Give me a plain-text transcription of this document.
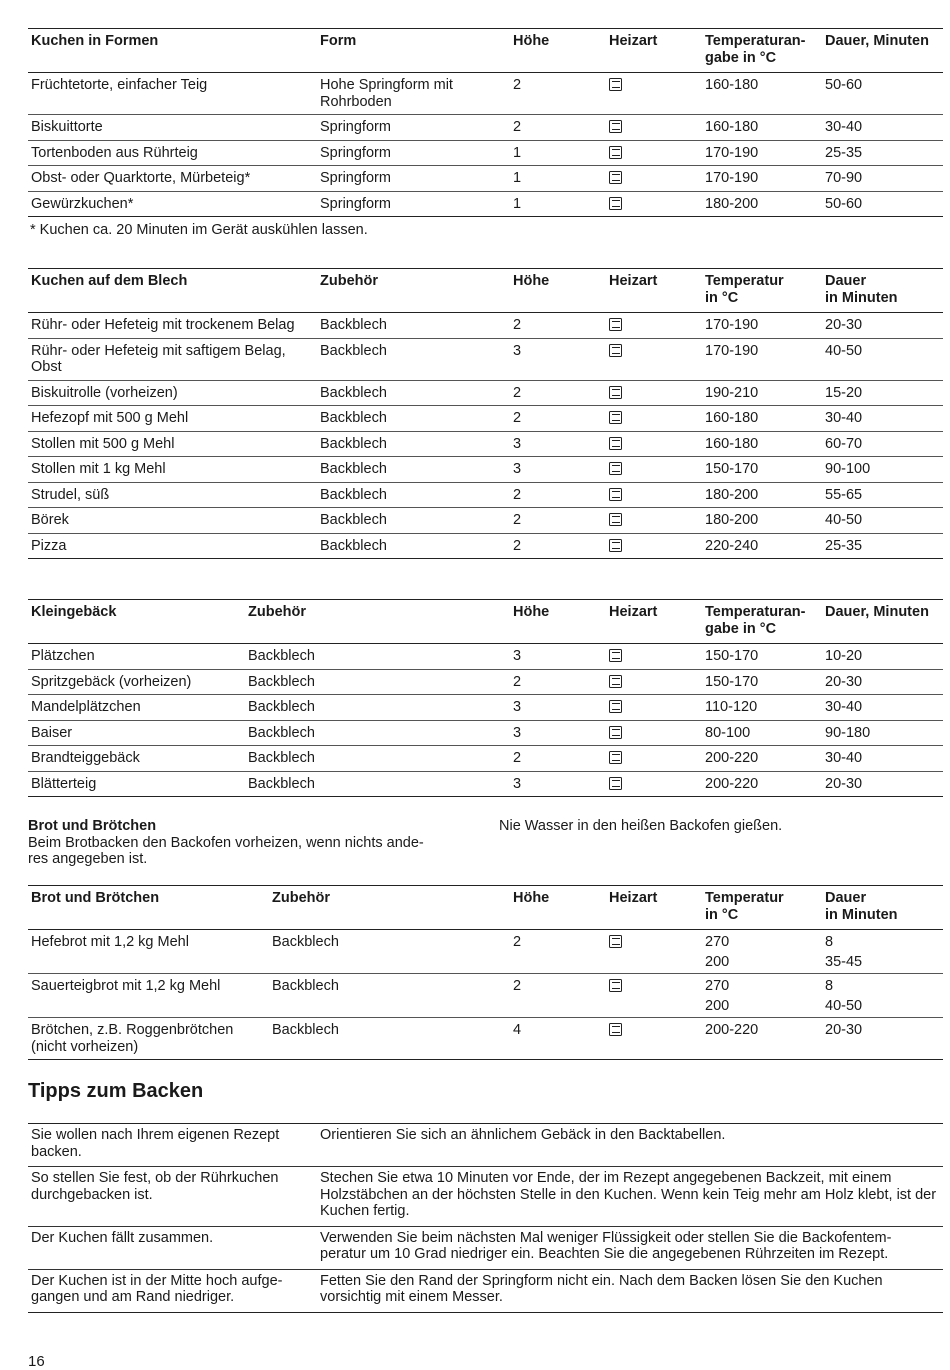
Kuchen in Formen	Form	Höhe	Heizart	Temperaturan-
gabe in °C	Dauer, Minuten
Früchtetorte, einfacher Teig	Hohe Springform mit Rohrboden	2		160-180	50-60
Biskuittorte	Springform	2		160-180	30-40
Tortenboden aus Rührteig	Springform	1		170-190	25-35
Obst- oder Quarktorte, Mürbeteig*	Springform	1		170-190	70-90
Gewürzkuchen*	Springform	1		180-200	50-60
* Kuchen ca. 20 Minuten im Gerät auskühlen lassen.
Kuchen auf dem Blech	Zubehör	Höhe	Heizart	Temperatur
in °C	Dauer
in Minuten
Rühr- oder Hefeteig mit trockenem Belag	Backblech	2		170-190	20-30
Rühr- oder Hefeteig mit saftigem Belag, Obst	Backblech	3		170-190	40-50
Biskuitrolle (vorheizen)	Backblech	2		190-210	15-20
Hefezopf mit 500 g Mehl	Backblech	2		160-180	30-40
Stollen mit 500 g Mehl	Backblech	3		160-180	60-70
Stollen mit 1 kg Mehl	Backblech	3		150-170	90-100
Strudel, süß	Backblech	2		180-200	55-65
Börek	Backblech	2		180-200	40-50
Pizza	Backblech	2		220-240	25-35
Kleingebäck	Zubehör	Höhe	Heizart	Temperaturan-
gabe in °C	Dauer, Minuten
Plätzchen	Backblech	3		150-170	10-20
Spritzgebäck (vorheizen)	Backblech	2		150-170	20-30
Mandelplätzchen	Backblech	3		110-120	30-40
Baiser	Backblech	3		80-100	90-180
Brandteiggebäck	Backblech	2		200-220	30-40
Blätterteig	Backblech	3		200-220	20-30
Brot und Brötchen
Beim Brotbacken den Backofen vorheizen, wenn nichts ande-
res angegeben ist.
Nie Wasser in den heißen Backofen gießen.
Brot und Brötchen	Zubehör	Höhe	Heizart	Temperatur
in °C	Dauer
in Minuten
Hefebrot mit 1,2 kg Mehl	Backblech	2		270	8
				200	35-45
Sauerteigbrot mit 1,2 kg Mehl	Backblech	2		270	8
				200	40-50
Brötchen, z.B. Roggenbrötchen (nicht vorheizen)	Backblech	4		200-220	20-30
Tipps zum Backen
Sie wollen nach Ihrem eigenen Rezept backen.	Orientieren Sie sich an ähnlichem Gebäck in den Backtabellen.
So stellen Sie fest, ob der Rührkuchen durchgebacken ist.	Stechen Sie etwa 10 Minuten vor Ende, der im Rezept angegebenen Backzeit, mit einem Holzstäbchen an der höchsten Stelle in den Kuchen. Wenn kein Teig mehr am Holz klebt, ist der Kuchen fertig.
Der Kuchen fällt zusammen.	Verwenden Sie beim nächsten Mal weniger Flüssigkeit oder stellen Sie die Backofentem-
peratur um 10 Grad niedriger ein. Beachten Sie die angegebenen Rührzeiten im Rezept.
Der Kuchen ist in der Mitte hoch aufge-
gangen und am Rand niedriger.	Fetten Sie den Rand der Springform nicht ein. Nach dem Backen lösen Sie den Kuchen vorsichtig mit einem Messer.
16
